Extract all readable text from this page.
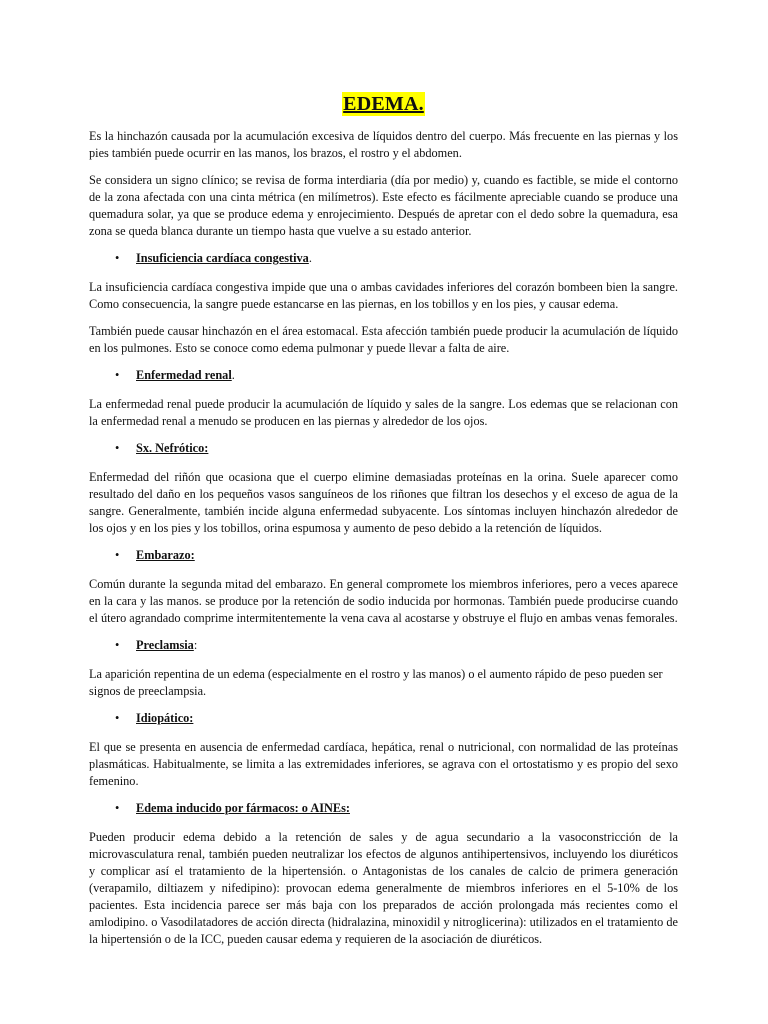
EDEMA.

Es la hinchazón causada por la acumulación excesiva de líquidos dentro del cuerpo. Más frecuente en las piernas y los pies también puede ocurrir en las manos, los brazos, el rostro y el abdomen.

Se considera un signo clínico; se revisa de forma interdiaria (día por medio) y, cuando es factible, se mide el contorno de la zona afectada con una cinta métrica (en milímetros). Este efecto es fácilmente apreciable cuando se produce una quemadura solar, ya que se produce edema y enrojecimiento. Después de apretar con el dedo sobre la quemadura, esa zona se queda blanca durante un tiempo hasta que vuelve a su estado anterior.

• Insuficiencia cardíaca congestiva.

La insuficiencia cardíaca congestiva impide que una o ambas cavidades inferiores del corazón bombeen bien la sangre. Como consecuencia, la sangre puede estancarse en las piernas, en los tobillos y en los pies, y causar edema.

También puede causar hinchazón en el área estomacal. Esta afección también puede producir la acumulación de líquido en los pulmones. Esto se conoce como edema pulmonar y puede llevar a falta de aire.

• Enfermedad renal.

La enfermedad renal puede producir la acumulación de líquido y sales de la sangre. Los edemas que se relacionan con la enfermedad renal a menudo se producen en las piernas y alrededor de los ojos.

• Sx. Nefrótico:

Enfermedad del riñón que ocasiona que el cuerpo elimine demasiadas proteínas en la orina. Suele aparecer como resultado del daño en los pequeños vasos sanguíneos de los riñones que filtran los desechos y el exceso de agua de la sangre. Generalmente, también incide alguna enfermedad subyacente. Los síntomas incluyen hinchazón alrededor de los ojos y en los pies y los tobillos, orina espumosa y aumento de peso debido a la retención de líquidos.

• Embarazo:

Común durante la segunda mitad del embarazo. En general compromete los miembros inferiores, pero a veces aparece en la cara y las manos. se produce por la retención de sodio inducida por hormonas. También puede producirse cuando el útero agrandado comprime intermitentemente la vena cava al acostarse y obstruye el flujo en ambas venas femorales.

• Preclamsia:

La aparición repentina de un edema (especialmente en el rostro y las manos) o el aumento rápido de peso pueden ser signos de preeclampsia.

• Idiopático:

El que se presenta en ausencia de enfermedad cardíaca, hepática, renal o nutricional, con normalidad de las proteínas plasmáticas. Habitualmente, se limita a las extremidades inferiores, se agrava con el ortostatismo y es propio del sexo femenino.

• Edema inducido por fármacos: o AINEs:

Pueden producir edema debido a la retención de sales y de agua secundario a la vasoconstricción de la microvasculatura renal, también pueden neutralizar los efectos de algunos antihipertensivos, incluyendo los diuréticos y complicar así el tratamiento de la hipertensión. o Antagonistas de los canales de calcio de primera generación (verapamilo, diltiazem y nifedipino): provocan edema generalmente de miembros inferiores en el 5-10% de los pacientes. Esta incidencia parece ser más baja con los preparados de acción prolongada más recientes como el amlodipino. o Vasodilatadores de acción directa (hidralazina, minoxidil y nitroglicerina): utilizados en el tratamiento de la hipertensión o de la ICC, pueden causar edema y requieren de la asociación de diuréticos.
